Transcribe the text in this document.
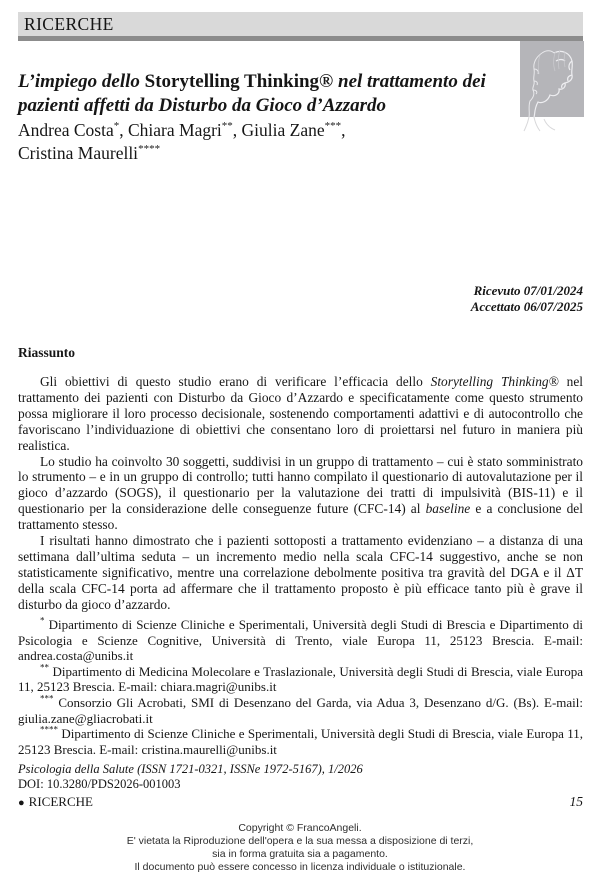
RICERCHE
L’impiego dello Storytelling Thinking® nel trattamento dei pazienti affetti da Disturbo da Gioco d’Azzardo
Andrea Costa*, Chiara Magri**, Giulia Zane***,
Cristina Maurelli****
Ricevuto 07/01/2024
Accettato 06/07/2025
Riassunto

Gli obiettivi di questo studio erano di verificare l’efficacia dello Storytelling Thinking® nel trattamento dei pazienti con Disturbo da Gioco d’Azzardo e specificatamente come questo strumento possa migliorare il loro processo decisionale, sostenendo comportamenti adattivi e di autocontrollo che favoriscano l’individuazione di obiettivi che consentano loro di proiettarsi nel futuro in maniera più realistica.

Lo studio ha coinvolto 30 soggetti, suddivisi in un gruppo di trattamento – cui è stato somministrato lo strumento – e in un gruppo di controllo; tutti hanno compilato il questionario di autovalutazione per il gioco d’azzardo (SOGS), il questionario per la valutazione dei tratti di impulsività (BIS-11) e il questionario per la considerazione delle conseguenze future (CFC-14) al baseline e a conclusione del trattamento stesso.

I risultati hanno dimostrato che i pazienti sottoposti a trattamento evidenziano – a distanza di una settimana dall’ultima seduta – un incremento medio nella scala CFC-14 suggestivo, anche se non statisticamente significativo, mentre una correlazione debolmente positiva tra gravità del DGA e il ΔT della scala CFC-14 porta ad affermare che il trattamento proposto è più efficace tanto più è grave il disturbo da gioco d’azzardo.

* Dipartimento di Scienze Cliniche e Sperimentali, Università degli Studi di Brescia e Dipartimento di Psicologia e Scienze Cognitive, Università di Trento, viale Europa 11, 25123 Brescia. E-mail: andrea.costa@unibs.it

** Dipartimento di Medicina Molecolare e Traslazionale, Università degli Studi di Brescia, viale Europa 11, 25123 Brescia. E-mail: chiara.magri@unibs.it

*** Consorzio Gli Acrobati, SMI di Desenzano del Garda, via Adua 3, Desenzano d/G. (Bs). E-mail: giulia.zane@gliacrobati.it

**** Dipartimento di Scienze Cliniche e Sperimentali, Università degli Studi di Brescia, viale Europa 11, 25123 Brescia. E-mail: cristina.maurelli@unibs.it

Psicologia della Salute (ISSN 1721-0321, ISSNe 1972-5167), 1/2026
DOI: 10.3280/PDS2026-001003
● RICERCHE	15
Copyright © FrancoAngeli.
E' vietata la Riproduzione dell'opera e la sua messa a disposizione di terzi,
sia in forma gratuita sia a pagamento.
Il documento può essere concesso in licenza individuale o istituzionale.
